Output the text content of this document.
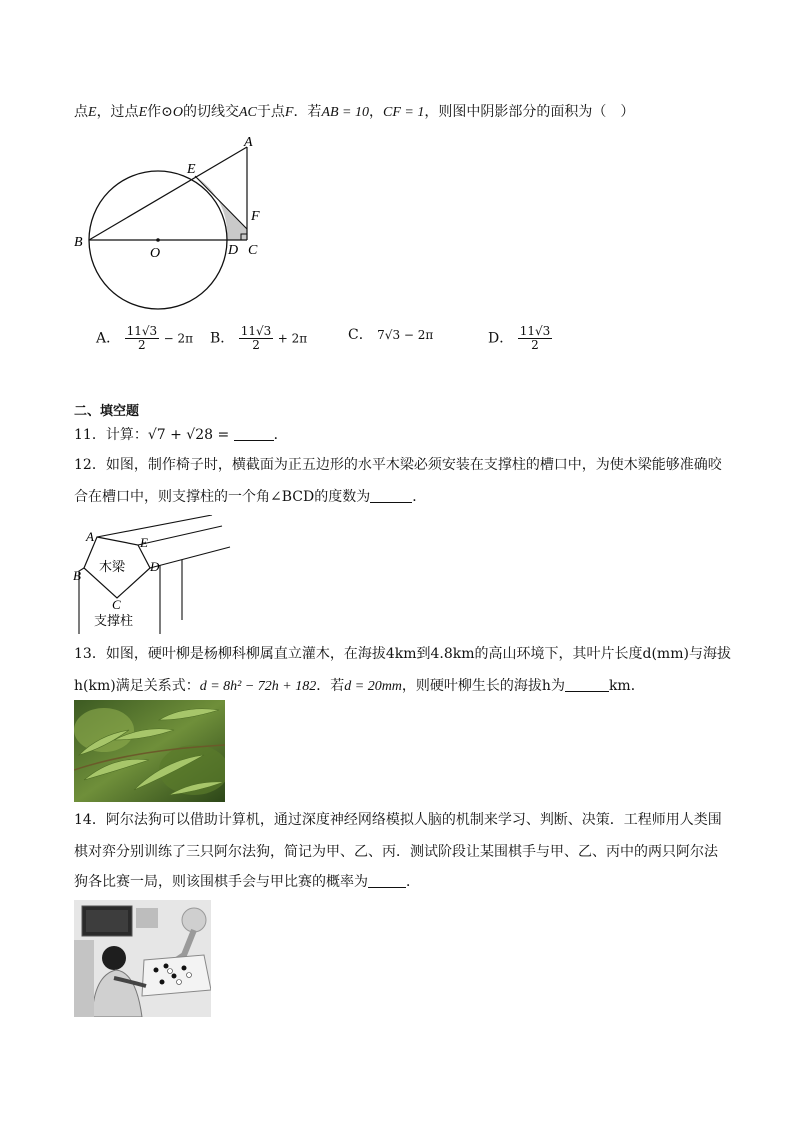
点E，过点E作⊙O的切线交AC于点F．若AB = 10，CF = 1，则图中阴影部分的面积为（　）
A
E
F
B
O	D C
A． $\frac{11√3}{2} - 2\pi$ B． $\frac{11√3}{2} + 2\pi$	C． 7√3 − 2π	D． $\frac{11√3}{2}$
二、填空题
11．计算：√7 + √28 =	．
12．如图，制作椅子时，横截面为正五边形的水平木梁必须安装在支撑柱的槽口中，为使木梁能够准确咬
合在槽口中，则支撑柱的一个角∠BCD的度数为	．
A	E
B
D
C
木梁
支撑柱
13．如图，硬叶柳是杨柳科柳属直立灌木，在海拔4km到4.8km的高山环境下，其叶片长度d(mm)与海拔
h(km)满足关系式：d = 8h² − 72h + 182．若d = 20mm，则硬叶柳生长的海拔h为	km．
14．阿尔法狗可以借助计算机，通过深度神经网络模拟人脑的机制来学习、判断、决策．工程师用人类围
棋对弈分别训练了三只阿尔法狗，简记为甲、乙、丙．测试阶段让某围棋手与甲、乙、丙中的两只阿尔法
狗各比赛一局，则该围棋手会与甲比赛的概率为	．
